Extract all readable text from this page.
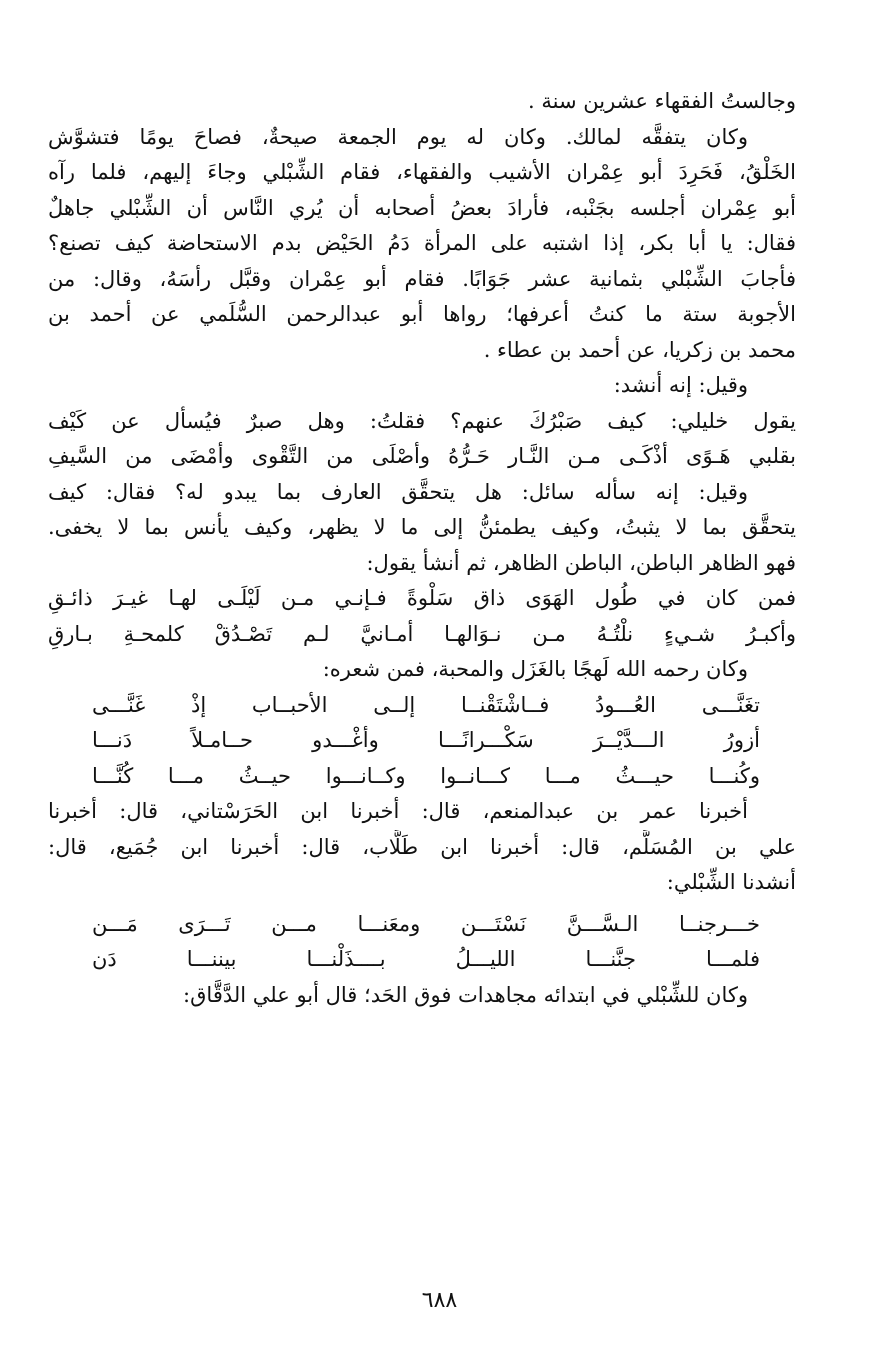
وجالستُ الفقهاء عشرين سنة .
وكان يتفقَّه لمالك. وكان له يوم الجمعة صيحةٌ، فصاحَ يومًا فتشوَّش
الخَلْقُ، فَحَرِدَ أبو عِمْران الأشيب والفقهاء، فقام الشِّبْلي وجاءَ إليهم، فلما رآه
أبو عِمْران أجلسه بجَنْبه، فأرادَ بعضُ أصحابه أن يُري النَّاس أن الشِّبْلي جاهلٌ
فقال: يا أبا بكر، إذا اشتبه على المرأة دَمُ الحَيْض بدم الاستحاضة كيف تصنع؟
فأجابَ الشِّبْلي بثمانية عشر جَوَابًا. فقام أبو عِمْران وقبَّل رأسَهُ، وقال: من
الأجوبة ستة ما كنتُ أعرفها؛ رواها أبو عبدالرحمن السُّلَمي عن أحمد بن
محمد بن زكريا، عن أحمد بن عطاء .
وقيل: إنه أنشد:
يقول خليلي: كيف صَبْرُكَ عنهم؟ فقلتُ: وهل صبرٌ فيُسأل عن كَيْف
بقلبي هَـوًى أذْكَـى مـن النَّـار حَـرُّهُ وأصْلَى من التَّقْوى وأمْضَى من السَّيفِ
وقيل: إنه سأله سائل: هل يتحقَّق العارف بما يبدو له؟ فقال: كيف
يتحقَّق بما لا يثبتُ، وكيف يطمئنُّ إلى ما لا يظهر، وكيف يأنس بما لا يخفى.
فهو الظاهر الباطن، الباطن الظاهر، ثم أنشأ يقول:
فمن كان في طُول الهَوَى ذاق سَلْوةً فـإنـي مـن لَيْلَـى لهـا غيـرَ ذائـقِ
وأكبـرُ شـيءٍ نلْتُـهُ مـن نـوَالهـا أمـانيَّ لـم تَصْـدُقْ كلمحـةِ بـارقِ
وكان رحمه الله لَهجًا بالغَزَل والمحبة، فمن شعره:
تغَنَّـــى العُـــودُ فــاشْتَقْنــا إلــى الأحبــاب إذْ غَنَّـــى
أزورُ الـــدَّيْــرَ سَكْـــرانًـــا وأغْـــدو حــامـلاً دَنـــا
وكُنـــا حيـــثُ مـــا كـــانــوا وكــانـــوا حيــثُ مـــا كُنَّـــا
أخبرنا عمر بن عبدالمنعم، قال: أخبرنا ابن الحَرَسْتاني، قال: أخبرنا
علي بن المُسَلَّم، قال: أخبرنا ابن طَلَّاب، قال: أخبرنا ابن جُمَيع، قال:
أنشدنا الشِّبْلي:
خـــرجنــا الـسَّـــنَّ نَسْتَـــن ومعَنـــا مـــن تَـــرَى مَـــن
فلمـــا جنَّنـــا الليـــلُ بــــذَلْنـــا بيننـــا دَن
وكان للشِّبْلي في ابتدائه مجاهدات فوق الحَد؛ قال أبو علي الدَّقَّاق:
٦٨٨
